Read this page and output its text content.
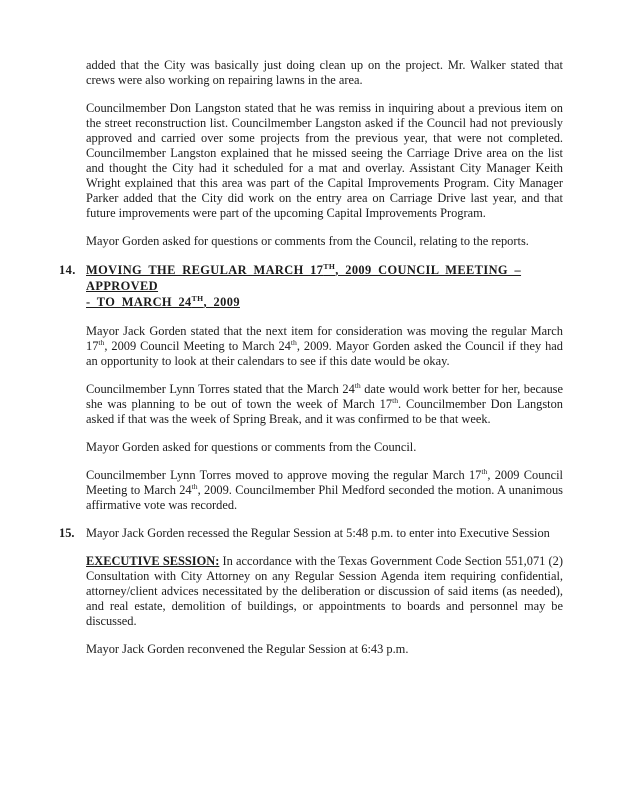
added that the City was basically just doing clean up on the project. Mr. Walker stated that crews were also working on repairing lawns in the area.
Councilmember Don Langston stated that he was remiss in inquiring about a previous item on the street reconstruction list. Councilmember Langston asked if the Council had not previously approved and carried over some projects from the previous year, that were not completed. Councilmember Langston explained that he missed seeing the Carriage Drive area on the list and thought the City had it scheduled for a mat and overlay. Assistant City Manager Keith Wright explained that this area was part of the Capital Improvements Program. City Manager Parker added that the City did work on the entry area on Carriage Drive last year, and that future improvements were part of the upcoming Capital Improvements Program.
Mayor Gorden asked for questions or comments from the Council, relating to the reports.
14. MOVING THE REGULAR MARCH 17TH, 2009 COUNCIL MEETING – APPROVED
- TO MARCH 24TH, 2009
Mayor Jack Gorden stated that the next item for consideration was moving the regular March 17th, 2009 Council Meeting to March 24th, 2009. Mayor Gorden asked the Council if they had an opportunity to look at their calendars to see if this date would be okay.
Councilmember Lynn Torres stated that the March 24th date would work better for her, because she was planning to be out of town the week of March 17th. Councilmember Don Langston asked if that was the week of Spring Break, and it was confirmed to be that week.
Mayor Gorden asked for questions or comments from the Council.
Councilmember Lynn Torres moved to approve moving the regular March 17th, 2009 Council Meeting to March 24th, 2009. Councilmember Phil Medford seconded the motion. A unanimous affirmative vote was recorded.
15. Mayor Jack Gorden recessed the Regular Session at 5:48 p.m. to enter into Executive Session
EXECUTIVE SESSION: In accordance with the Texas Government Code Section 551,071 (2) Consultation with City Attorney on any Regular Session Agenda item requiring confidential, attorney/client advices necessitated by the deliberation or discussion of said items (as needed), and real estate, demolition of buildings, or appointments to boards and personnel may be discussed.
Mayor Jack Gorden reconvened the Regular Session at 6:43 p.m.
